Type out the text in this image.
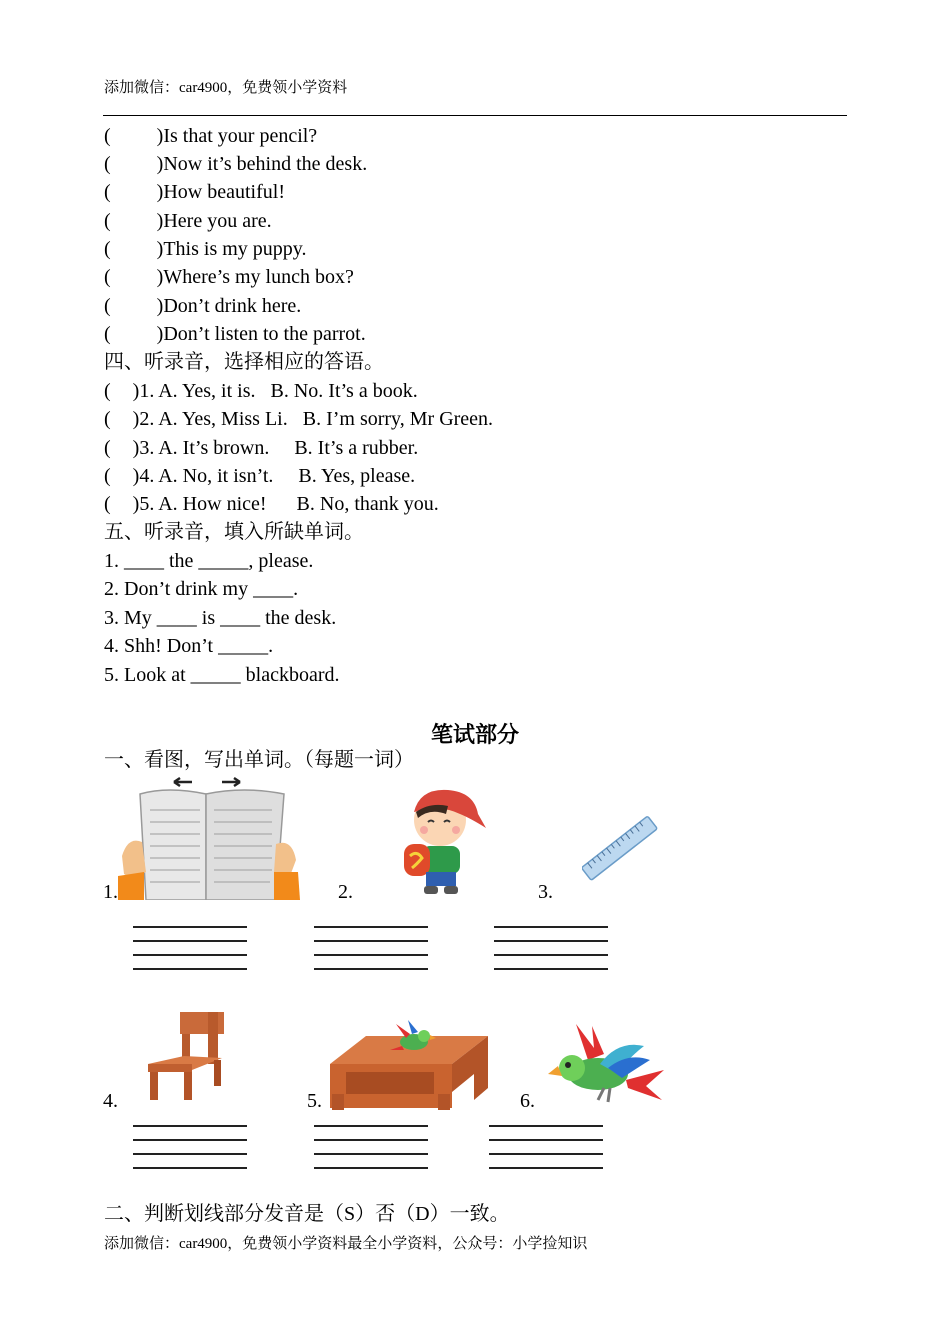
添加微信：car4900，免费领小学资料
( )Is that your pencil?
( )Now it’s behind the desk.
( )How beautiful!
( )Here you are.
( )This is my puppy.
( )Where’s my lunch box?
( )Don’t drink here.
( )Don’t listen to the parrot.
四、听录音，选择相应的答语。
( )1. A. Yes, it is.   B. No. It’s a book.
( )2. A. Yes, Miss Li.   B. I’m sorry, Mr Green.
( )3. A. It’s brown.     B. It’s a rubber.
( )4. A. No, it isn’t.     B. Yes, please.
( )5. A. How nice!      B. No, thank you.
五、听录音，填入所缺单词。
1. ____ the _____, please.
2. Don’t drink my ____.
3. My ____ is ____ the desk.
4. Shh! Don’t _____.
5. Look at _____ blackboard.
笔试部分
一、看图，写出单词。（每题一词）
1.	2.	3.
4.	5.	6.
二、判断划线部分发音是（S）否（D）一致。
添加微信：car4900，免费领小学资料最全小学资料，公众号：小学捡知识
